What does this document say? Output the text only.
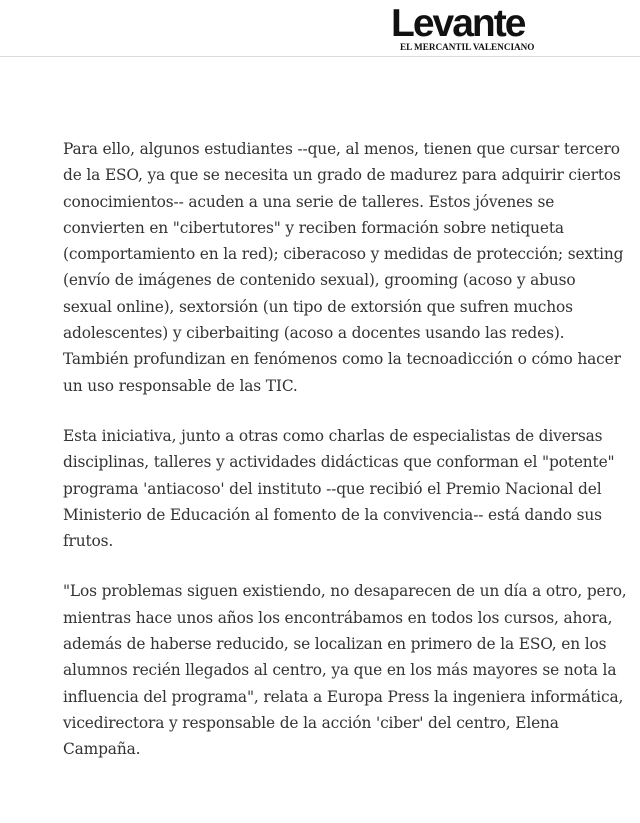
Levante
EL MERCANTIL VALENCIANO

Para ello, algunos estudiantes --que, al menos, tienen que cursar tercero de la ESO, ya que se necesita un grado de madurez para adquirir ciertos conocimientos-- acuden a una serie de talleres. Estos jóvenes se convierten en "cibertutores" y reciben formación sobre netiqueta (comportamiento en la red); ciberacoso y medidas de protección; sexting (envío de imágenes de contenido sexual), grooming (acoso y abuso sexual online), sextorsión (un tipo de extorsión que sufren muchos adolescentes) y ciberbaiting (acoso a docentes usando las redes). También profundizan en fenómenos como la tecnoadicción o cómo hacer un uso responsable de las TIC.

Esta iniciativa, junto a otras como charlas de especialistas de diversas disciplinas, talleres y actividades didácticas que conforman el "potente" programa 'antiacoso' del instituto --que recibió el Premio Nacional del Ministerio de Educación al fomento de la convivencia-- está dando sus frutos.

"Los problemas siguen existiendo, no desaparecen de un día a otro, pero, mientras hace unos años los encontrábamos en todos los cursos, ahora, además de haberse reducido, se localizan en primero de la ESO, en los alumnos recién llegados al centro, ya que en los más mayores se nota la influencia del programa", relata a Europa Press la ingeniera informática, vicedirectora y responsable de la acción 'ciber' del centro, Elena Campaña.
